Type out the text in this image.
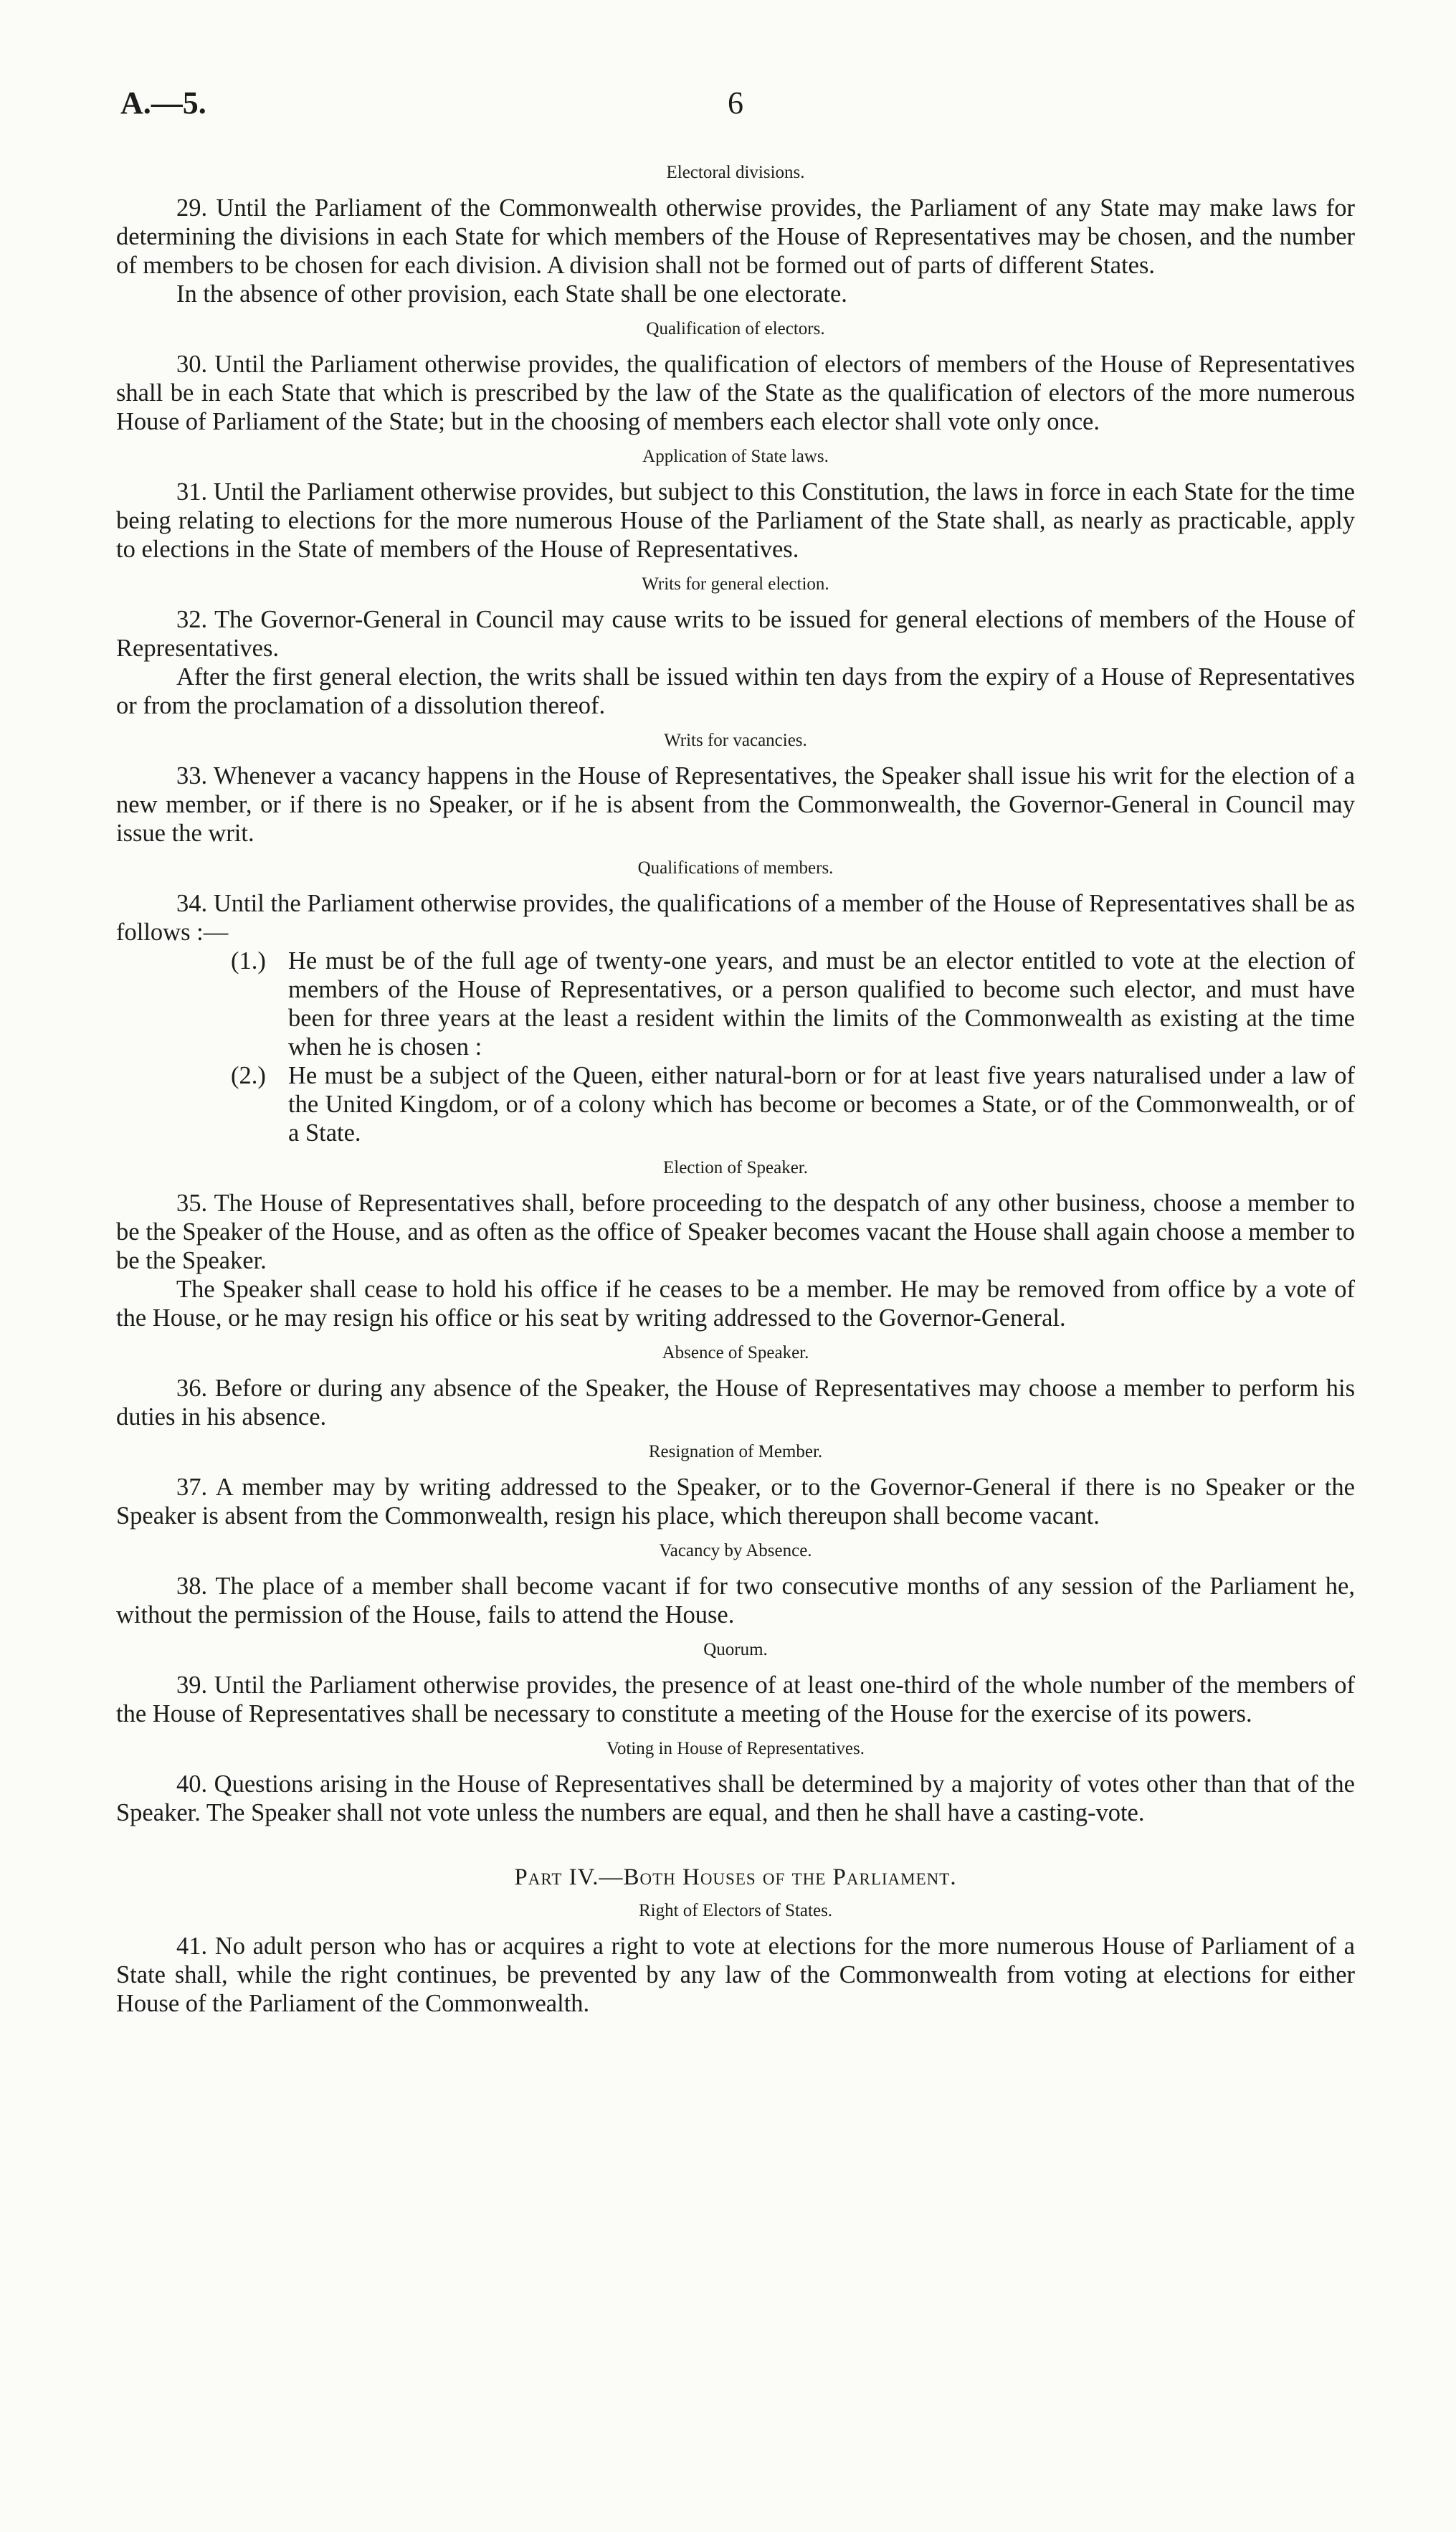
A.—5.	6
Electoral divisions.

29. Until the Parliament of the Commonwealth otherwise provides, the Parliament of any State may make laws for determining the divisions in each State for which members of the House of Representatives may be chosen, and the number of members to be chosen for each division. A division shall not be formed out of parts of different States.

In the absence of other provision, each State shall be one electorate.

Qualification of electors.

30. Until the Parliament otherwise provides, the qualification of electors of members of the House of Representatives shall be in each State that which is prescribed by the law of the State as the qualification of electors of the more numerous House of Parliament of the State; but in the choosing of members each elector shall vote only once.

Application of State laws.

31. Until the Parliament otherwise provides, but subject to this Constitution, the laws in force in each State for the time being relating to elections for the more numerous House of the Parliament of the State shall, as nearly as practicable, apply to elections in the State of members of the House of Representatives.

Writs for general election.

32. The Governor-General in Council may cause writs to be issued for general elections of members of the House of Representatives.

After the first general election, the writs shall be issued within ten days from the expiry of a House of Representatives or from the proclamation of a dissolution thereof.

Writs for vacancies.

33. Whenever a vacancy happens in the House of Representatives, the Speaker shall issue his writ for the election of a new member, or if there is no Speaker, or if he is absent from the Commonwealth, the Governor-General in Council may issue the writ.

Qualifications of members.

34. Until the Parliament otherwise provides, the qualifications of a member of the House of Representatives shall be as follows :—

(1.) He must be of the full age of twenty-one years, and must be an elector entitled to vote at the election of members of the House of Representatives, or a person qualified to become such elector, and must have been for three years at the least a resident within the limits of the Commonwealth as existing at the time when he is chosen :
(2.) He must be a subject of the Queen, either natural-born or for at least five years naturalised under a law of the United Kingdom, or of a colony which has become or becomes a State, or of the Commonwealth, or of a State.
Election of Speaker.

35. The House of Representatives shall, before proceeding to the despatch of any other business, choose a member to be the Speaker of the House, and as often as the office of Speaker becomes vacant the House shall again choose a member to be the Speaker.

The Speaker shall cease to hold his office if he ceases to be a member. He may be removed from office by a vote of the House, or he may resign his office or his seat by writing addressed to the Governor-General.

Absence of Speaker.

36. Before or during any absence of the Speaker, the House of Representatives may choose a member to perform his duties in his absence.

Resignation of Member.

37. A member may by writing addressed to the Speaker, or to the Governor-General if there is no Speaker or the Speaker is absent from the Commonwealth, resign his place, which thereupon shall become vacant.

Vacancy by Absence.

38. The place of a member shall become vacant if for two consecutive months of any session of the Parliament he, without the permission of the House, fails to attend the House.

Quorum.

39. Until the Parliament otherwise provides, the presence of at least one-third of the whole number of the members of the House of Representatives shall be necessary to constitute a meeting of the House for the exercise of its powers.

Voting in House of Representatives.

40. Questions arising in the House of Representatives shall be determined by a majority of votes other than that of the Speaker. The Speaker shall not vote unless the numbers are equal, and then he shall have a casting-vote.

Part IV.—Both Houses of the Parliament.
Right of Electors of States.

41. No adult person who has or acquires a right to vote at elections for the more numerous House of Parliament of a State shall, while the right continues, be prevented by any law of the Commonwealth from voting at elections for either House of the Parliament of the Commonwealth.
